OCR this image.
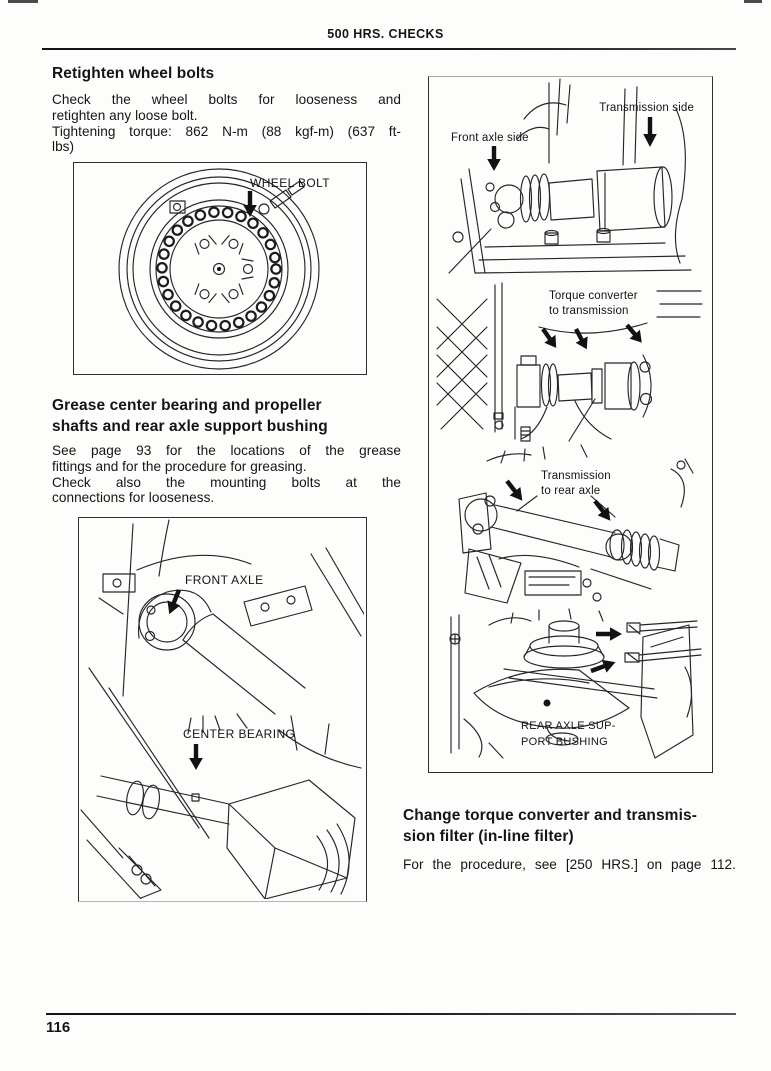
500 HRS. CHECKS
Retighten wheel bolts
Check the wheel bolts for looseness and
retighten any loose bolt.
Tightening torque: 862 N-m (88 kgf-m) (637 ft-
lbs)
WHEEL BOLT
Grease center bearing and propeller
shafts and rear axle support bushing
See page 93 for the locations of the grease
fittings and for the procedure for greasing.
Check also the mounting bolts at the
connections for looseness.
FRONT AXLE
CENTER BEARING
Transmission side
Front axle side
Torque converter
to transmission
Transmission
to rear axle
REAR AXLE SUP-
PORT BUSHING
Change torque converter and transmis-
sion filter (in-line filter)
For the procedure, see [250 HRS.] on page 112.
116
